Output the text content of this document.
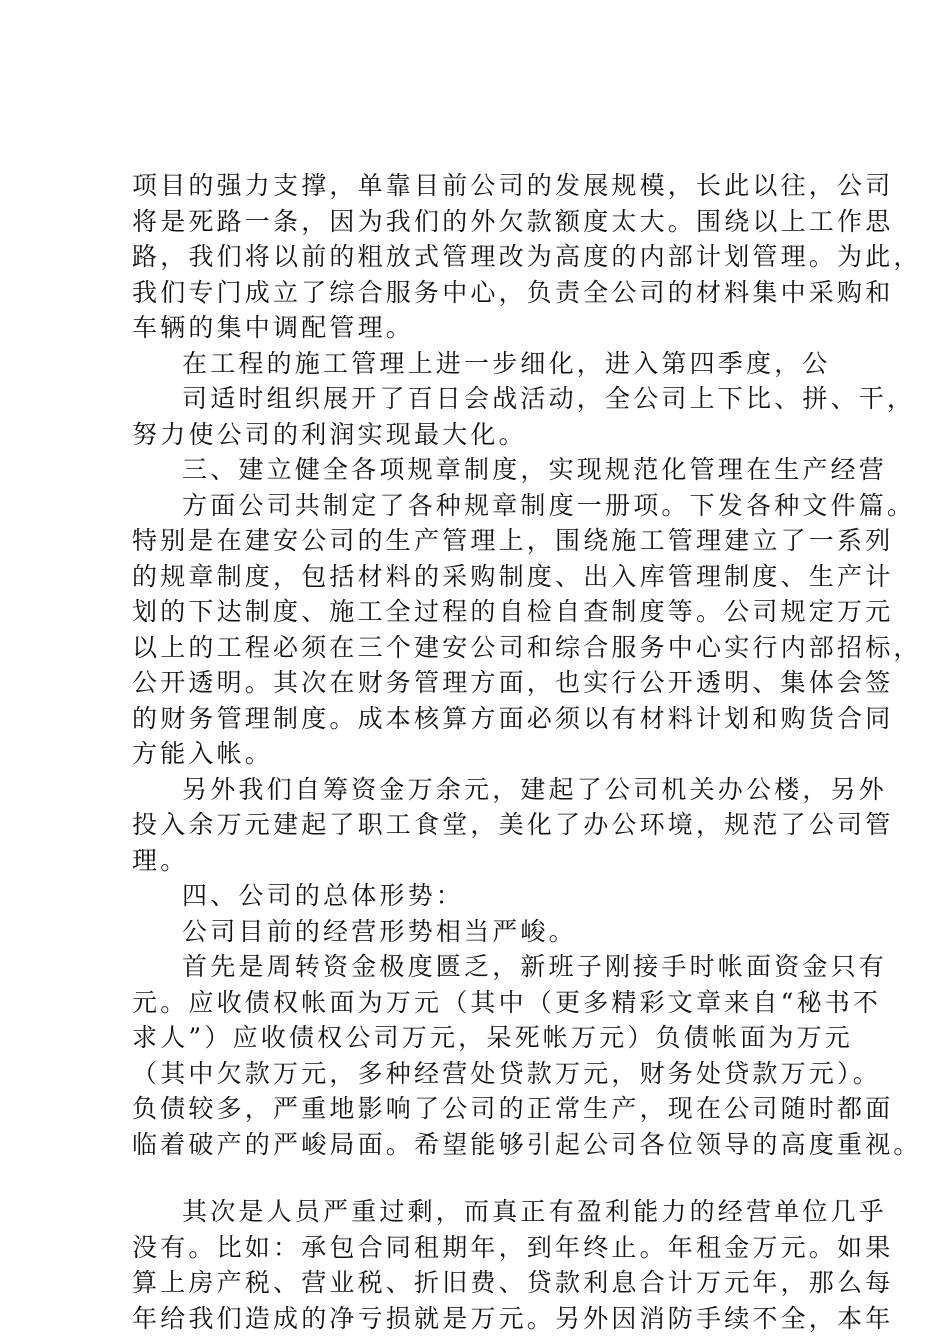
项目的强力支撑，单靠目前公司的发展规模，长此以往，公司
将是死路一条，因为我们的外欠款额度太大。围绕以上工作思
路，我们将以前的粗放式管理改为高度的内部计划管理。为此，
我们专门成立了综合服务中心，负责全公司的材料集中采购和
车辆的集中调配管理。
在工程的施工管理上进一步细化，进入第四季度，公
司适时组织展开了百日会战活动，全公司上下比、拼、干，
努力使公司的利润实现最大化。
三、建立健全各项规章制度，实现规范化管理在生产经营
方面公司共制定了各种规章制度一册项。下发各种文件篇。
特别是在建安公司的生产管理上，围绕施工管理建立了一系列
的规章制度，包括材料的采购制度、出入库管理制度、生产计
划的下达制度、施工全过程的自检自查制度等。公司规定万元
以上的工程必须在三个建安公司和综合服务中心实行内部招标，
公开透明。其次在财务管理方面，也实行公开透明、集体会签
的财务管理制度。成本核算方面必须以有材料计划和购货合同
方能入帐。
另外我们自筹资金万余元，建起了公司机关办公楼，另外
投入余万元建起了职工食堂，美化了办公环境，规范了公司管
理。
四、公司的总体形势：
公司目前的经营形势相当严峻。
首先是周转资金极度匮乏，新班子刚接手时帐面资金只有
元。应收债权帐面为万元（其中（更多精彩文章来自“秘书不
求人”）应收债权公司万元，呆死帐万元）负债帐面为万元
（其中欠款万元，多种经营处贷款万元，财务处贷款万元）。
负债较多，严重地影响了公司的正常生产，现在公司随时都面
临着破产的严峻局面。希望能够引起公司各位领导的高度重视。
其次是人员严重过剩，而真正有盈利能力的经营单位几乎
没有。比如：承包合同租期年，到年终止。年租金万元。如果
算上房产税、营业税、折旧费、贷款利息合计万元年，那么每
年给我们造成的净亏损就是万元。另外因消防手续不全，本年
